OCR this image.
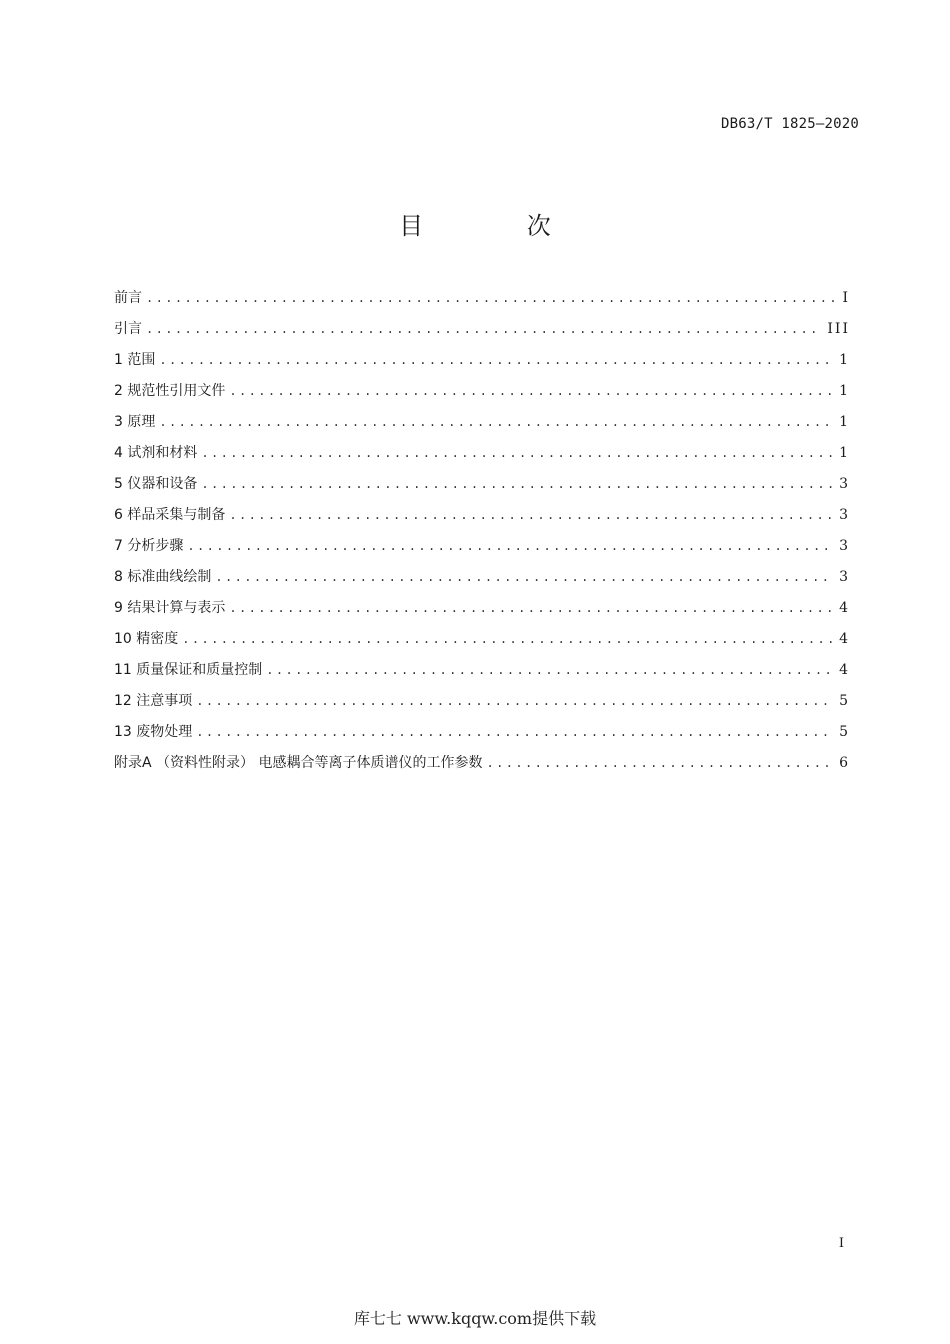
DB63/T 1825—2020
目 次
前言 .....	I
引言 .....	III
1 范围 .....	1
2 规范性引用文件 .....	1
3 原理 .....	1
4 试剂和材料 .....	1
5 仪器和设备 .....	3
6 样品采集与制备 .....	3
7 分析步骤 .....	3
8 标准曲线绘制 .....	3
9 结果计算与表示 .....	4
10 精密度 .....	4
11 质量保证和质量控制 .....	4
12 注意事项 .....	5
13 废物处理 .....	5
附录A （资料性附录） 电感耦合等离子体质谱仪的工作参数 .....	6
I
库七七 www.kqqw.com提供下载
